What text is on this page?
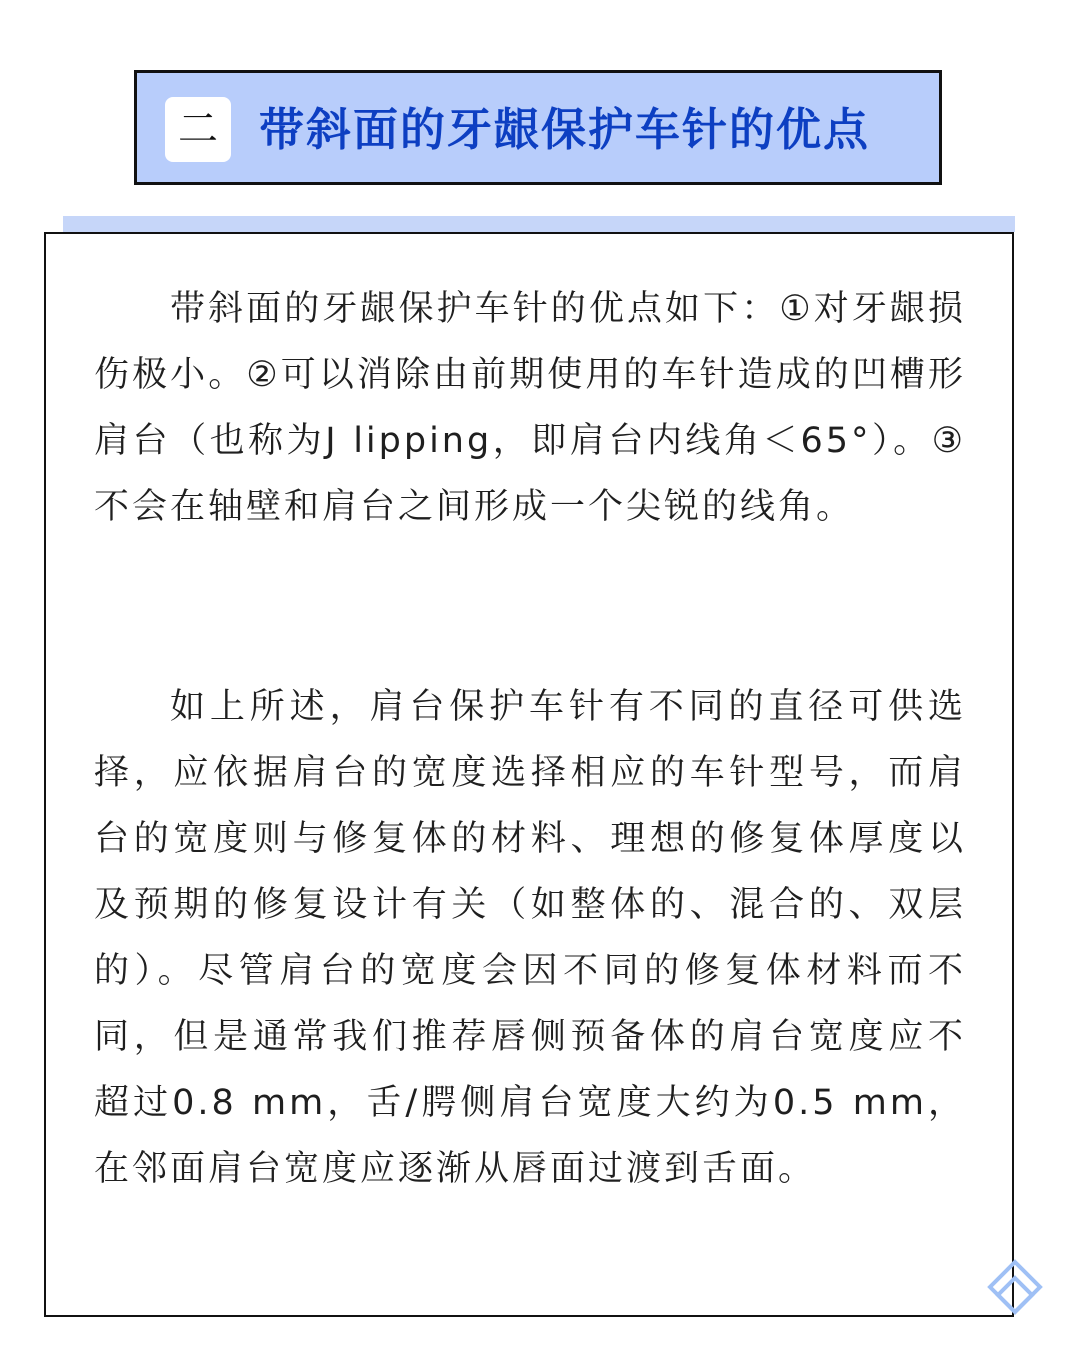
二 带斜面的牙龈保护车针的优点

带斜面的牙龈保护车针的优点如下：①对牙龈损伤极小。②可以消除由前期使用的车针造成的凹槽形肩台（也称为J lipping，即肩台内线角＜65°）。③不会在轴壁和肩台之间形成一个尖锐的线角。

如上所述，肩台保护车针有不同的直径可供选择，应依据肩台的宽度选择相应的车针型号，而肩台的宽度则与修复体的材料、理想的修复体厚度以及预期的修复设计有关（如整体的、混合的、双层的）。尽管肩台的宽度会因不同的修复体材料而不同，但是通常我们推荐唇侧预备体的肩台宽度应不超过0.8 mm，舌/腭侧肩台宽度大约为0.5 mm，在邻面肩台宽度应逐渐从唇面过渡到舌面。
